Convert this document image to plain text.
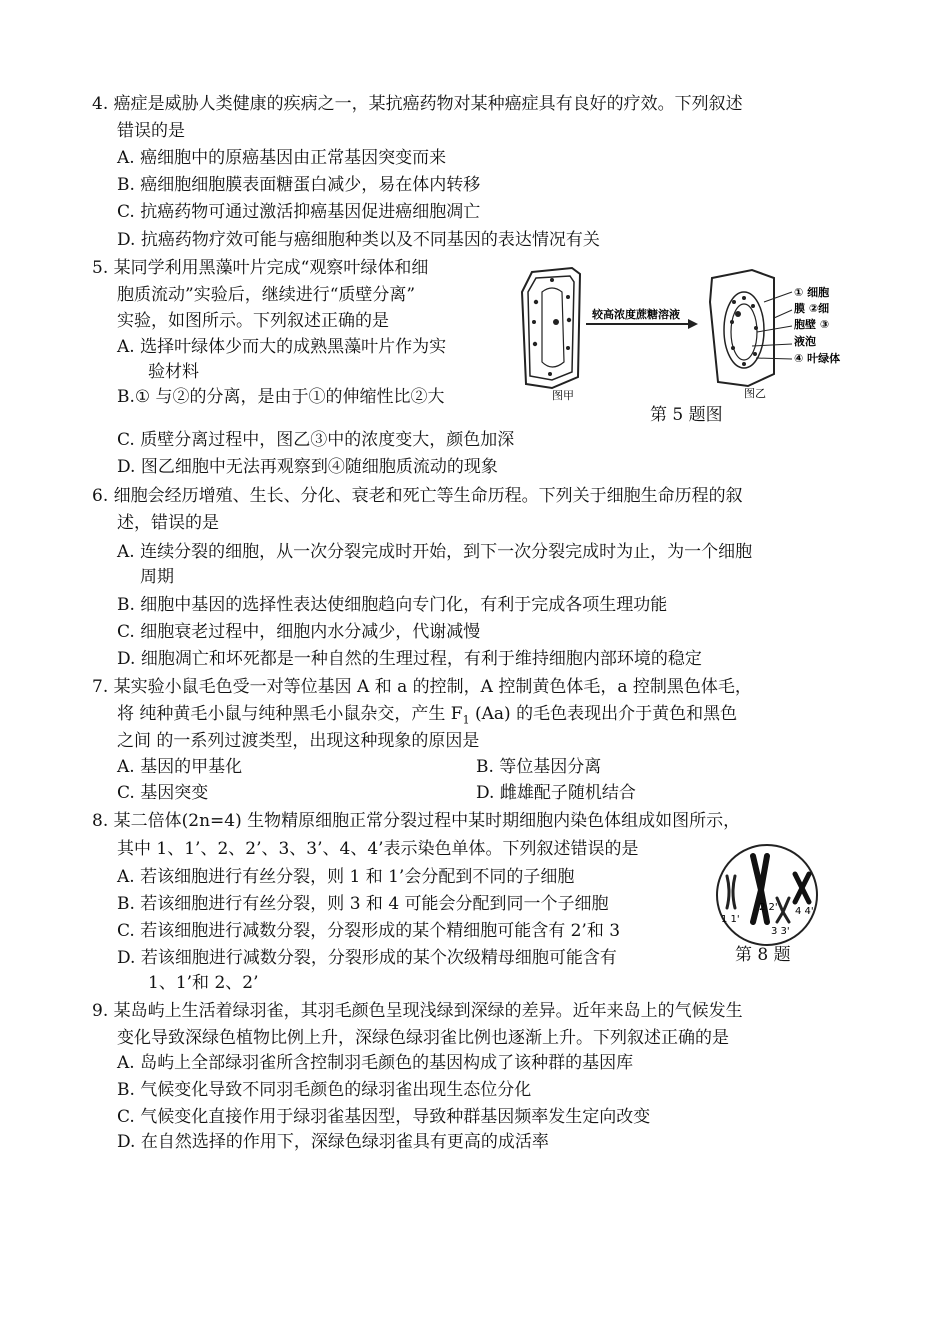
4. 癌症是威胁人类健康的疾病之一，某抗癌药物对某种癌症具有良好的疗效。下列叙述
错误的是
A. 癌细胞中的原癌基因由正常基因突变而来
B. 癌细胞细胞膜表面糖蛋白减少，易在体内转移
C. 抗癌药物可通过激活抑癌基因促进癌细胞凋亡
D. 抗癌药物疗效可能与癌细胞种类以及不同基因的表达情况有关
5. 某同学利用黑藻叶片完成“观察叶绿体和细
胞质流动”实验后，继续进行“质壁分离”
实验，如图所示。下列叙述正确的是
A. 选择叶绿体少而大的成熟黑藻叶片作为实
验材料
B.① 与②的分离，是由于①的伸缩性比②大
较高浓度蔗糖溶液
① 细胞
膜 ②细
胞壁 ③
液泡
④ 叶绿体
图甲	图乙
第 5 题图
C. 质壁分离过程中，图乙③中的浓度变大，颜色加深
D. 图乙细胞中无法再观察到④随细胞质流动的现象
6. 细胞会经历增殖、生长、分化、衰老和死亡等生命历程。下列关于细胞生命历程的叙
述，错误的是
A. 连续分裂的细胞，从一次分裂完成时开始，到下一次分裂完成时为止，为一个细胞
周期
B. 细胞中基因的选择性表达使细胞趋向专门化，有利于完成各项生理功能
C. 细胞衰老过程中，细胞内水分减少，代谢减慢
D. 细胞凋亡和坏死都是一种自然的生理过程，有利于维持细胞内部环境的稳定
7. 某实验小鼠毛色受一对等位基因 A 和 a 的控制，A 控制黄色体毛，a 控制黑色体毛，
将 纯种黄毛小鼠与纯种黑毛小鼠杂交，产生 $F_1$ (Aa) 的毛色表现出介于黄色和黑色
之间 的一系列过渡类型，出现这种现象的原因是
A. 基因的甲基化	B. 等位基因分离
C. 基因突变	D. 雌雄配子随机结合
8. 某二倍体(2n=4) 生物精原细胞正常分裂过程中某时期细胞内染色体组成如图所示，
其中 1、1’、2、2’、3、3’、4、4’表示染色单体。下列叙述错误的是
A. 若该细胞进行有丝分裂，则 1 和 1’会分配到不同的子细胞
B. 若该细胞进行有丝分裂，则 3 和 4 可能会分配到同一个子细胞
C. 若该细胞进行减数分裂，分裂形成的某个精细胞可能含有 2’和 3
D. 若该细胞进行减数分裂，分裂形成的某个次级精母细胞可能含有
1、1’和 2、2’
1 1'
2 2'
3 3'
4 4'
第 8 题
9. 某岛屿上生活着绿羽雀，其羽毛颜色呈现浅绿到深绿的差异。近年来岛上的气候发生
变化导致深绿色植物比例上升，深绿色绿羽雀比例也逐渐上升。下列叙述正确的是
A. 岛屿上全部绿羽雀所含控制羽毛颜色的基因构成了该种群的基因库
B. 气候变化导致不同羽毛颜色的绿羽雀出现生态位分化
C. 气候变化直接作用于绿羽雀基因型，导致种群基因频率发生定向改变
D. 在自然选择的作用下，深绿色绿羽雀具有更高的成活率
